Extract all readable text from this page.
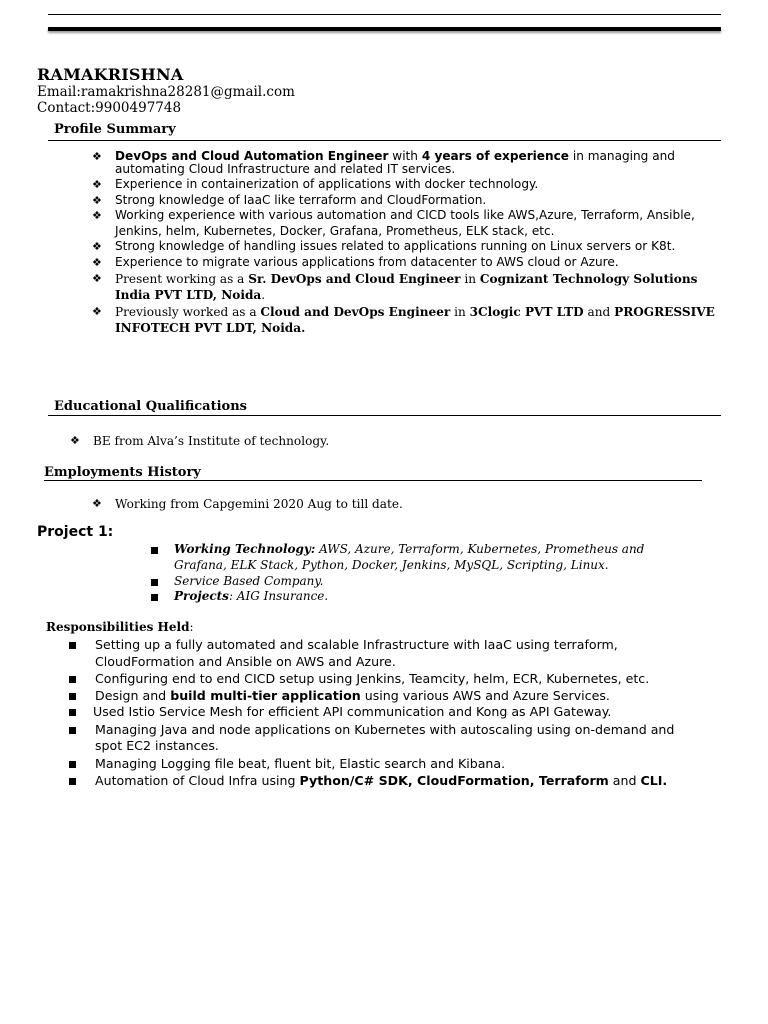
RAMAKRISHNA
Email:ramakrishna28281@gmail.com
Contact:9900497748
Profile Summary
❖ DevOps and Cloud Automation Engineer with 4 years of experience in managing and automating Cloud Infrastructure and related IT services.
❖ Experience in containerization of applications with docker technology.
❖ Strong knowledge of IaaC like terraform and CloudFormation.
❖ Working experience with various automation and CICD tools like AWS,Azure, Terraform, Ansible, Jenkins, helm, Kubernetes, Docker, Grafana, Prometheus, ELK stack, etc.
❖ Strong knowledge of handling issues related to applications running on Linux servers or K8t.
❖ Experience to migrate various applications from datacenter to AWS cloud or Azure.
❖ Present working as a Sr. DevOps and Cloud Engineer in Cognizant Technology Solutions India PVT LTD, Noida.
❖ Previously worked as a Cloud and DevOps Engineer in 3Clogic PVT LTD and PROGRESSIVE INFOTECH PVT LDT, Noida.
Educational Qualifications
❖ BE from Alva’s Institute of technology.
Employments History
❖ Working from Capgemini 2020 Aug to till date.
Project 1:
Working Technology: AWS, Azure, Terraform, Kubernetes, Prometheus and Grafana, ELK Stack, Python, Docker, Jenkins, MySQL, Scripting, Linux.
Service Based Company.
Projects: AIG Insurance.
Responsibilities Held:
Setting up a fully automated and scalable Infrastructure with IaaC using terraform, CloudFormation and Ansible on AWS and Azure.
Configuring end to end CICD setup using Jenkins, Teamcity, helm, ECR, Kubernetes, etc.
Design and build multi-tier application using various AWS and Azure Services.
Used Istio Service Mesh for efficient API communication and Kong as API Gateway.
Managing Java and node applications on Kubernetes with autoscaling using on-demand and spot EC2 instances.
Managing Logging file beat, fluent bit, Elastic search and Kibana.
Automation of Cloud Infra using Python/C# SDK, CloudFormation, Terraform and CLI.
